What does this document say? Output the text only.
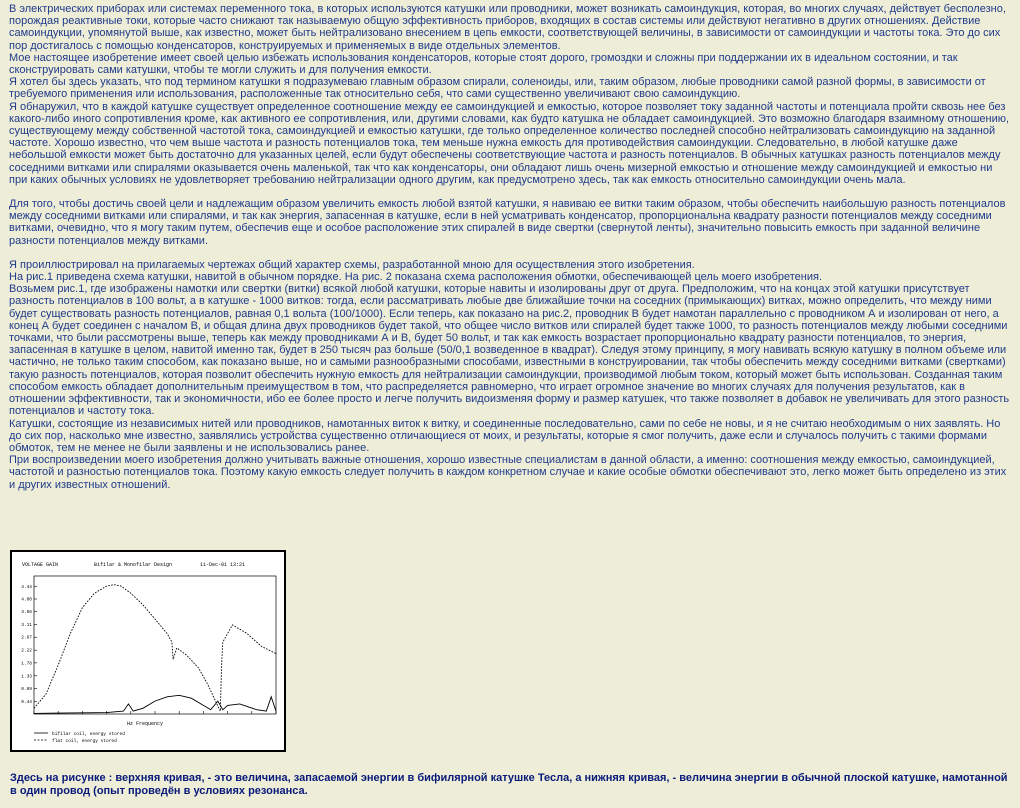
В электрических приборах или системах переменного тока, в которых используются катушки или проводники, может возникать самоиндукция, которая, во многих случаях, действует бесполезно, порождая реактивные токи, которые часто снижают так называемую общую эффективность приборов, входящих в состав системы или действуют негативно в других отношениях. Действие самоиндукции, упомянутой выше, как известно, может быть нейтрализовано внесением в цепь емкости, соответствующей величины, в зависимости от самоиндукции и частоты тока. Это до сих пор достигалось с помощью конденсаторов, конструируемых и применяемых в виде отдельных элементов.

Мое настоящее изобретение имеет своей целью избежать использования конденсаторов, которые стоят дорого, громоздки и сложны при поддержании их в идеальном состоянии, и так сконструировать сами катушки, чтобы те могли служить и для получения емкости.

Я хотел бы здесь указать, что под термином катушки я подразумеваю главным образом спирали, соленоиды, или, таким образом, любые проводники самой разной формы, в зависимости от требуемого применения или использования, расположенные так относительно себя, что сами существенно увеличивают свою самоиндукцию.

Я обнаружил, что в каждой катушке существует определенное соотношение между ее самоиндукцией и емкостью, которое позволяет току заданной частоты и потенциала пройти сквозь нее без какого-либо иного сопротивления кроме, как активного ее сопротивления, или, другими словами, как будто катушка не обладает самоиндукцией. Это возможно благодаря взаимному отношению, существующему между собственной частотой тока, самоиндукцией и емкостью катушки, где только определенное количество последней способно нейтрализовать самоиндукцию на заданной частоте. Хорошо известно, что чем выше частота и разность потенциалов тока, тем меньше нужна емкость для противодействия самоиндукции. Следовательно, в любой катушке даже небольшой емкости может быть достаточно для указанных целей, если будут обеспечены соответствующие частота и разность потенциалов. В обычных катушках разность потенциалов между соседними витками или спиралями оказывается очень маленькой, так что как конденсаторы, они обладают лишь очень мизерной емкостью и отношение между самоиндукцией и емкостью ни при каких обычных условиях не удовлетворяет требованию нейтрализации одного другим, как предусмотрено здесь, так как емкость относительно самоиндукции очень мала.

Для того, чтобы достичь своей цели и надлежащим образом увеличить емкость любой взятой катушки, я навиваю ее витки таким образом, чтобы обеспечить наибольшую разность потенциалов между соседними витками или спиралями, и так как энергия, запасенная в катушке, если в ней усматривать конденсатор, пропорциональна квадрату разности потенциалов между соседними витками, очевидно, что я могу таким путем, обеспечив еще и особое расположение этих спиралей в виде свертки (свернутой ленты), значительно повысить емкость при заданной величине разности потенциалов между витками.

Я проиллюстрировал на прилагаемых чертежах общий характер схемы, разработанной мною для осуществления этого изобретения.

На рис.1 приведена схема катушки, навитой в обычном порядке. На рис. 2 показана схема расположения обмотки, обеспечивающей цель моего изобретения.

Возьмем рис.1, где изображены намотки или свертки (витки) всякой любой катушки, которые навиты и изолированы друг от друга. Предположим, что на концах этой катушки присутствует разность потенциалов в 100 вольт, а в катушке - 1000 витков: тогда, если рассматривать любые две ближайшие точки на соседних (примыкающих) витках, можно определить, что между ними будет существовать разность потенциалов, равная 0,1 вольта (100/1000). Если теперь, как показано на рис.2, проводник В будет намотан параллельно с проводником А и изолирован от него, а конец А будет соединен с началом В, и общая длина двух проводников будет такой, что общее число витков или спиралей будет также 1000, то разность потенциалов между любыми соседними точками, что были рассмотрены выше, теперь как между проводниками А и В, будет 50 вольт, и так как емкость возрастает пропорционально квадрату разности потенциалов, то энергия, запасенная в катушке в целом, навитой именно так, будет в 250 тысяч раз больше (50/0,1 возведенное в квадрат). Следуя этому принципу, я могу навивать всякую катушку в полном объеме или частично, не только таким способом, как показано выше, но и самыми разнообразными способами, известными в конструировании, так чтобы обеспечить между соседними витками (свертками) такую разность потенциалов, которая позволит обеспечить нужную емкость для нейтрализации самоиндукции, производимой любым током, который может быть использован. Созданная таким способом емкость обладает дополнительным преимуществом в том, что распределяется равномерно, что играет огромное значение во многих случаях для получения результатов, как в отношении эффективности, так и экономичности, ибо ее более просто и легче получить видоизменяя форму и размер катушек, что также позволяет в добавок не увеличивать для этого разность потенциалов и частоту тока.

Катушки, состоящие из независимых нитей или проводников, намотанных виток к витку, и соединенные последовательно, сами по себе не новы, и я не считаю необходимым о них заявлять. Но до сих пор, насколько мне известно, заявлялись устройства существенно отличающиеся от моих, и результаты, которые я смог получить, даже если и случалось получить с такими формами обмоток, тем не менее не были заявлены и не использовались ранее.

При воспроизведении моего изобретения должно учитывать важные отношения, хорошо известные специалистам в данной области, а именно: соотношения между емкостью, самоиндукцией, частотой и разностью потенциалов тока. Поэтому какую емкость следует получить в каждом конкретном случае и какие особые обмотки обеспечивают это, легко может быть определено из этих и других известных отношений.

VOLTAGE GAIN	Bifilar & Monofilar Design	11-Dec-01 13:21
4.44
4.00
3.56
3.11
2.67
2.22
1.78
1.33
0.89
0.44
Hz Frequency
bifilar coil, energy stored
flat coil, energy stored
Здесь на рисунке : верхняя кривая, - это величина, запасаемой энергии в бифилярной катушке Тесла, а нижняя кривая, - величина энергии в обычной плоской катушке, намотанной в один провод (опыт проведён в условиях резонанса.
